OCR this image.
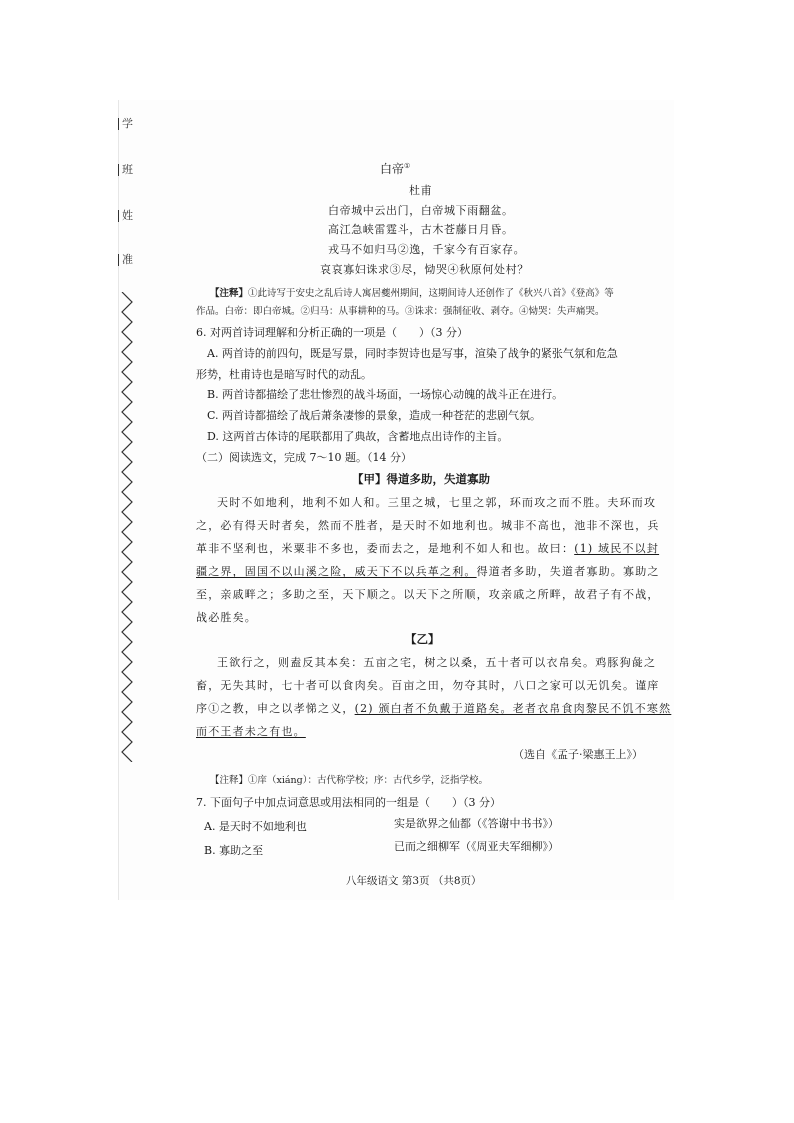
学
班
姓
准
白帝①
杜甫
白帝城中云出门，白帝城下雨翻盆。
高江急峡雷霆斗，古木苍藤日月昏。
戎马不如归马②逸，千家今有百家存。
哀哀寡妇诛求③尽，恸哭④秋原何处村？
【注释】①此诗写于安史之乱后诗人寓居夔州期间，这期间诗人还创作了《秋兴八首》《登高》等
作品。白帝：即白帝城。②归马：从事耕种的马。③诛求：强制征收、剥夺。④恸哭：失声痛哭。
6. 对两首诗词理解和分析正确的一项是（　　）（3 分）
A. 两首诗的前四句，既是写景，同时李贺诗也是写事，渲染了战争的紧张气氛和危急
形势，杜甫诗也是暗写时代的动乱。
B. 两首诗都描绘了悲壮惨烈的战斗场面，一场惊心动魄的战斗正在进行。
C. 两首诗都描绘了战后萧条凄惨的景象，造成一种苍茫的悲剧气氛。
D. 这两首古体诗的尾联都用了典故，含蓄地点出诗作的主旨。
（二）阅读选文，完成 7～10 题。（14 分）
【甲】得道多助，失道寡助
天时不如地利，地利不如人和。三里之城，七里之郭，环而攻之而不胜。夫环而攻
之，必有得天时者矣，然而不胜者，是天时不如地利也。城非不高也，池非不深也，兵
革非不坚利也，米粟非不多也，委而去之，是地利不如人和也。故曰：(1) 域民不以封
疆之界，固国不以山溪之险，威天下不以兵革之利。得道者多助，失道者寡助。寡助之
至，亲戚畔之；多助之至，天下顺之。以天下之所顺，攻亲戚之所畔，故君子有不战，
战必胜矣。
【乙】
王欲行之，则盍反其本矣：五亩之宅，树之以桑，五十者可以衣帛矣。鸡豚狗彘之
畜，无失其时，七十者可以食肉矣。百亩之田，勿夺其时，八口之家可以无饥矣。谨庠
序①之教，申之以孝悌之义，(2) 颁白者不负戴于道路矣。老者衣帛食肉黎民不饥不寒然
而不王者未之有也。
（选自《孟子·梁惠王上》）
【注释】①庠（xiáng）：古代称学校；序：古代乡学，泛指学校。
7. 下面句子中加点词意思或用法相同的一组是（　　）（3 分）
A. 是天时不如地利也	实是欲界之仙都（《答谢中书书》）
B. 寡助之至	已而之细柳军（《周亚夫军细柳》）
八年级语文 第3页 （共8页）
